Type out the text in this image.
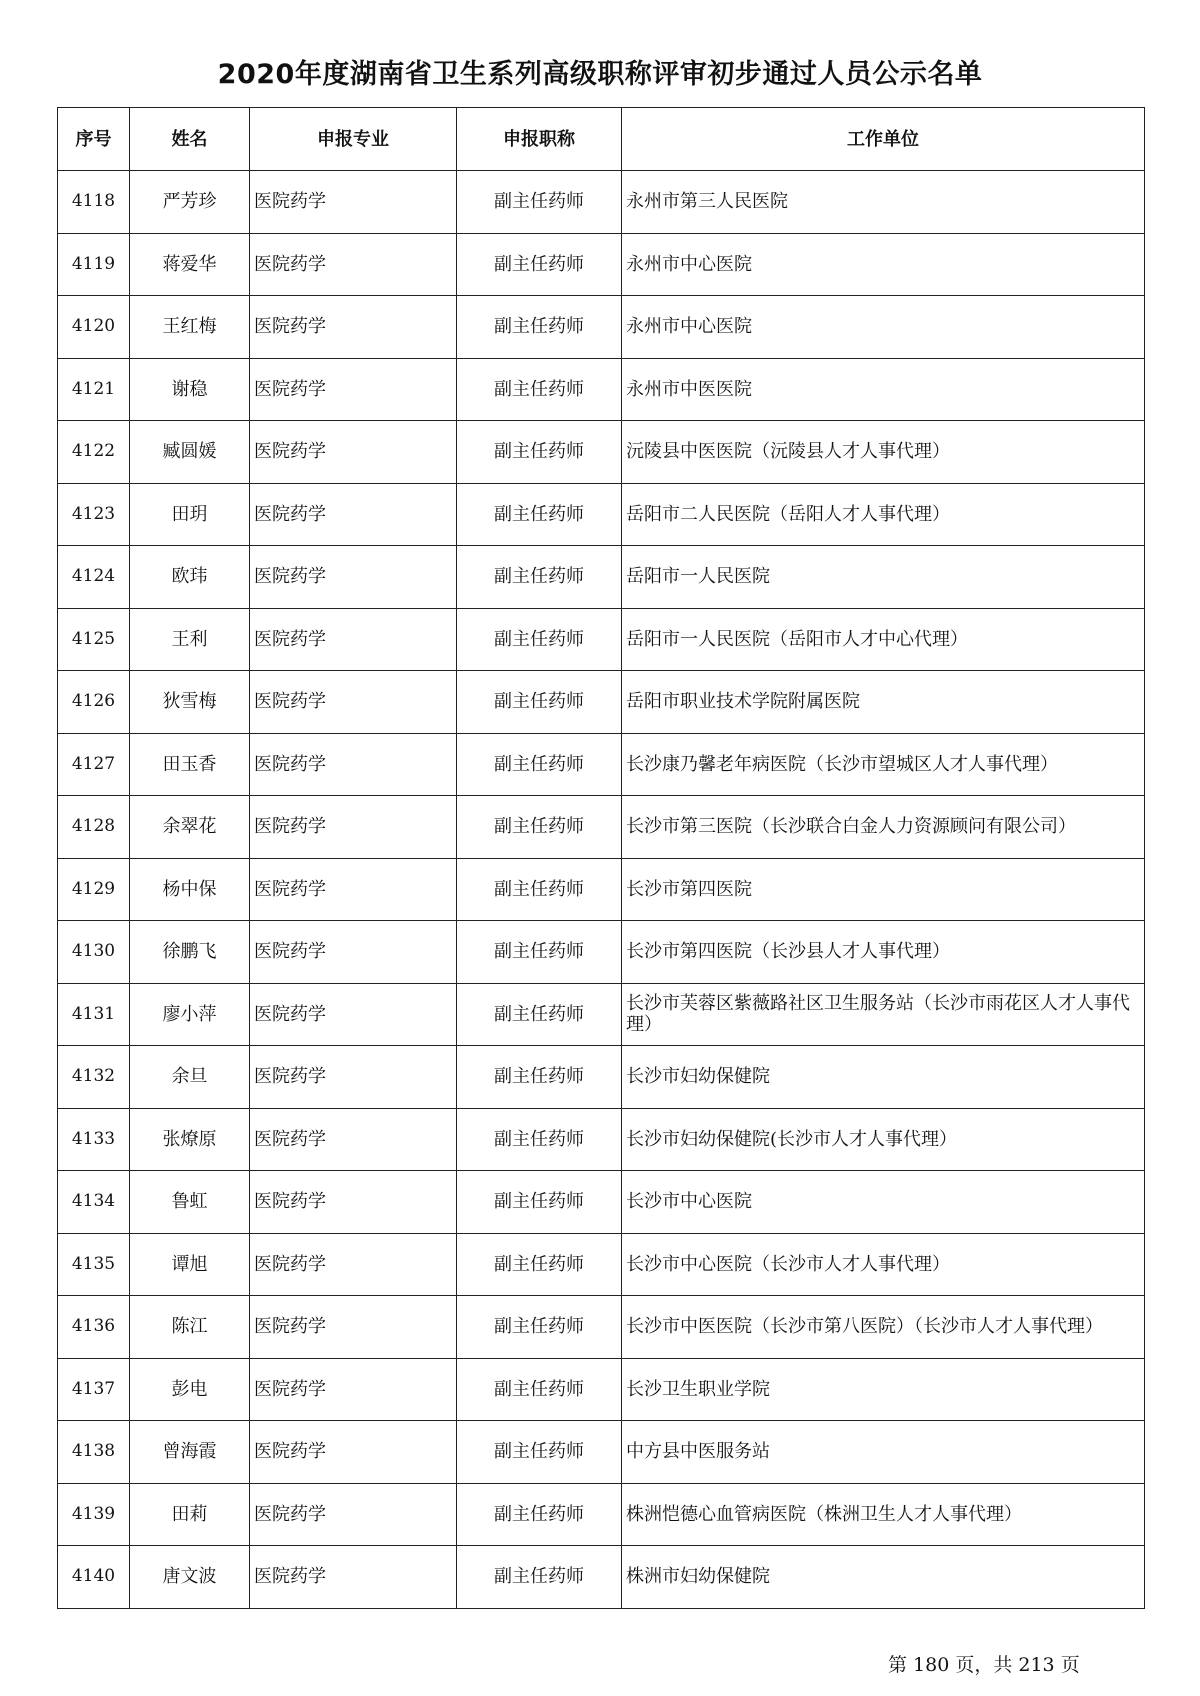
2020年度湖南省卫生系列高级职称评审初步通过人员公示名单
序号	姓名	申报专业	申报职称	工作单位
4118	严芳珍	医院药学	副主任药师	永州市第三人民医院
4119	蒋爱华	医院药学	副主任药师	永州市中心医院
4120	王红梅	医院药学	副主任药师	永州市中心医院
4121	谢稳	医院药学	副主任药师	永州市中医医院
4122	臧圆媛	医院药学	副主任药师	沅陵县中医医院（沅陵县人才人事代理）
4123	田玥	医院药学	副主任药师	岳阳市二人民医院（岳阳人才人事代理）
4124	欧玮	医院药学	副主任药师	岳阳市一人民医院
4125	王利	医院药学	副主任药师	岳阳市一人民医院（岳阳市人才中心代理）
4126	狄雪梅	医院药学	副主任药师	岳阳市职业技术学院附属医院
4127	田玉香	医院药学	副主任药师	长沙康乃馨老年病医院（长沙市望城区人才人事代理）
4128	余翠花	医院药学	副主任药师	长沙市第三医院（长沙联合白金人力资源顾问有限公司）
4129	杨中保	医院药学	副主任药师	长沙市第四医院
4130	徐鹏飞	医院药学	副主任药师	长沙市第四医院（长沙县人才人事代理）
4131	廖小萍	医院药学	副主任药师	长沙市芙蓉区紫薇路社区卫生服务站（长沙市雨花区人才人事代理）
4132	余旦	医院药学	副主任药师	长沙市妇幼保健院
4133	张燎原	医院药学	副主任药师	长沙市妇幼保健院(长沙市人才人事代理）
4134	鲁虹	医院药学	副主任药师	长沙市中心医院
4135	谭旭	医院药学	副主任药师	长沙市中心医院（长沙市人才人事代理）
4136	陈江	医院药学	副主任药师	长沙市中医医院（长沙市第八医院）（长沙市人才人事代理）
4137	彭电	医院药学	副主任药师	长沙卫生职业学院
4138	曾海霞	医院药学	副主任药师	中方县中医服务站
4139	田莉	医院药学	副主任药师	株洲恺德心血管病医院（株洲卫生人才人事代理）
4140	唐文波	医院药学	副主任药师	株洲市妇幼保健院
第 180 页，共 213 页
